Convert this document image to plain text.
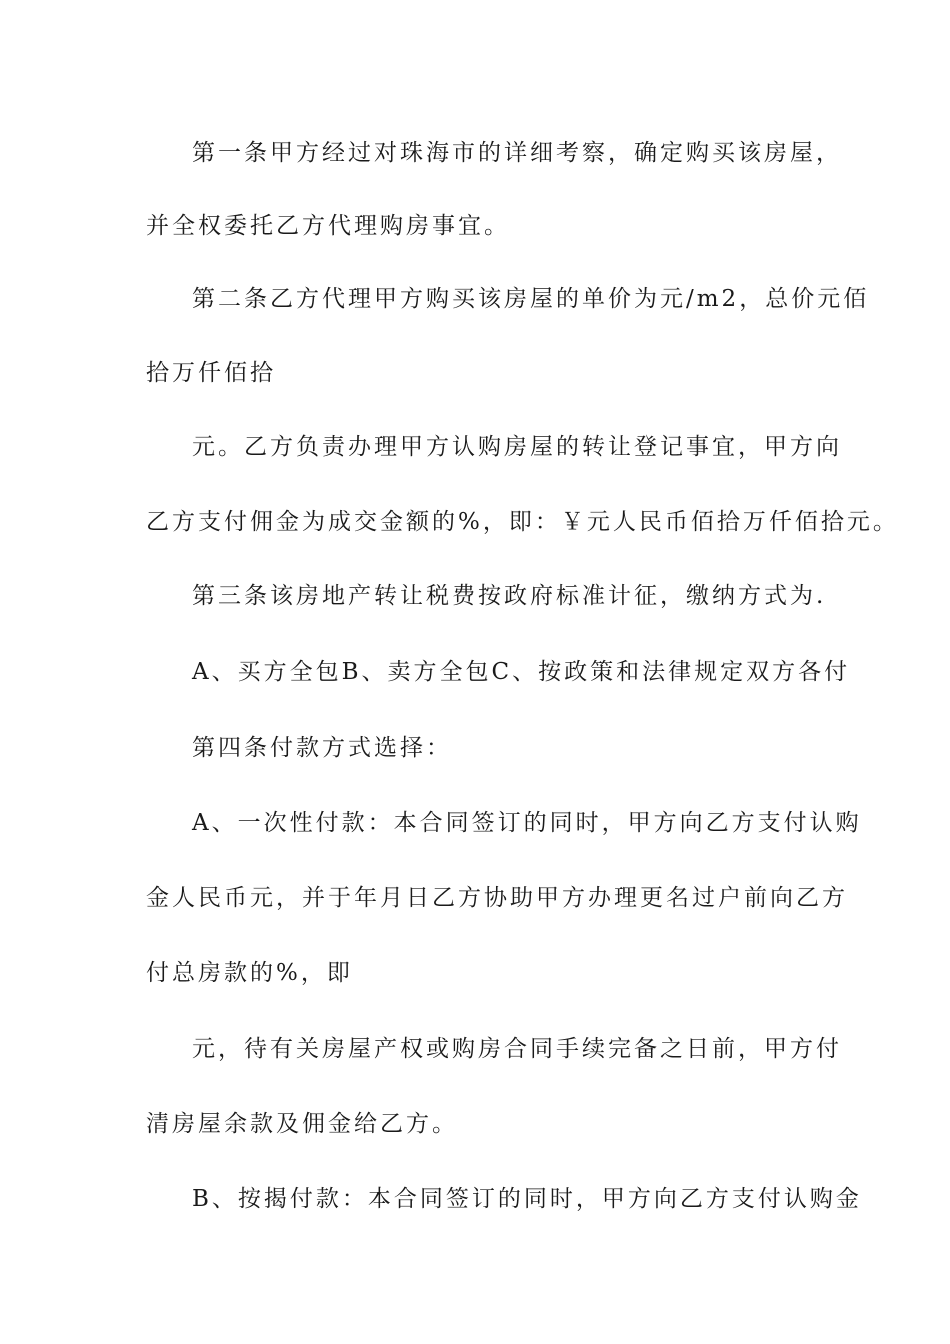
第一条甲方经过对珠海市的详细考察，确定购买该房屋，
并全权委托乙方代理购房事宜。
第二条乙方代理甲方购买该房屋的单价为元/m2，总价元佰
拾万仟佰拾
元。乙方负责办理甲方认购房屋的转让登记事宜，甲方向
乙方支付佣金为成交金额的%，即：￥元人民币佰拾万仟佰拾元。
第三条该房地产转让税费按政府标准计征，缴纳方式为.
A、买方全包B、卖方全包C、按政策和法律规定双方各付
第四条付款方式选择：
A、一次性付款：本合同签订的同时，甲方向乙方支付认购
金人民币元，并于年月日乙方协助甲方办理更名过户前向乙方
付总房款的%，即
元，待有关房屋产权或购房合同手续完备之日前，甲方付
清房屋余款及佣金给乙方。
B、按揭付款：本合同签订的同时，甲方向乙方支付认购金
